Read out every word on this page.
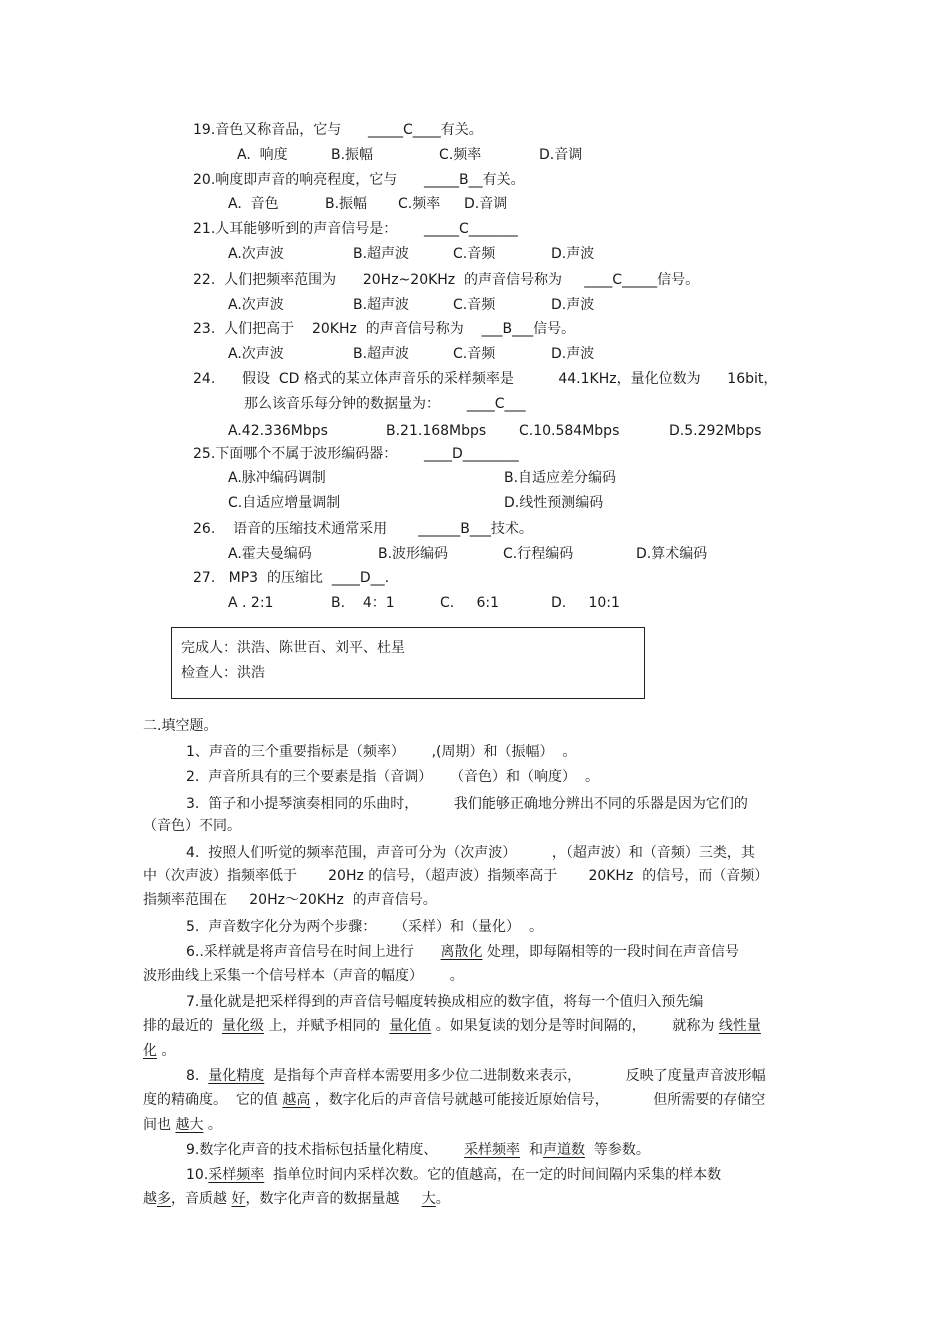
19.音色又称音品，它与      _____C____有关。
A.  响度	B.振幅	C.频率	D.音调
20.响度即声音的响亮程度，它与      _____B__有关。
A.  音色	B.振幅 C.频率 D.音调
21.人耳能够听到的声音信号是：      _____C_______
A.次声波	B.超声波	C.音频	D.声波
22.  人们把频率范围为      20Hz~20KHz  的声音信号称为     ____C_____信号。
A.次声波	B.超声波	C.音频	D.声波
23.  人们把高于    20KHz  的声音信号称为    ___B___信号。
A.次声波	B.超声波	C.音频	D.声波
24.      假设  CD 格式的某立体声音乐的采样频率是          44.1KHz，量化位数为      16bit，
那么该音乐每分钟的数据量为：      ____C___
A.42.336Mbps	B.21.168Mbps C.10.584Mbps	D.5.292Mbps
25.下面哪个不属于波形编码器：      ____D________
A.脉冲编码调制	B.自适应差分编码
C.自适应增量调制	D.线性预测编码
26.    语音的压缩技术通常采用       ______B___技术。
A.霍夫曼编码	B.波形编码	C.行程编码	D.算术编码
27.   MP3  的压缩比  ____D__.
A . 2:1	B.    4：1	C.     6:1	D.     10:1
完成人：洪浩、陈世百、刘平、杜星
检查人：洪浩
二.填空题。
1、声音的三个重要指标是（频率）      ,(周期）和（振幅）  。
2.  声音所具有的三个要素是指（音调）    （音色）和（响度）  。
3.  笛子和小提琴演奏相同的乐曲时，        我们能够正确地分辨出不同的乐器是因为它们的
（音色）不同。
4.  按照人们听觉的频率范围，声音可分为（次声波）        ，（超声波）和（音频）三类，其
中（次声波）指频率低于       20Hz 的信号，（超声波）指频率高于       20KHz  的信号，而（音频）
指频率范围在     20Hz～20KHz  的声音信号。
5.  声音数字化分为两个步骤：    （采样）和（量化）  。
6..采样就是将声音信号在时间上进行      离散化 处理，即每隔相等的一段时间在声音信号
波形曲线上采集一个信号样本（声音的幅度）      。
7.量化就是把采样得到的声音信号幅度转换成相应的数字值，将每一个值归入预先编
排的最近的  量化级 上，并赋予相同的  量化值 。如果复读的划分是等时间隔的，      就称为 线性量
化 。
8.  量化精度  是指每个声音样本需要用多少位二进制数来表示，          反映了度量声音波形幅
度的精确度。  它的值 越高 ，数字化后的声音信号就越可能接近原始信号，          但所需要的存储空
间也 越大 。
9.数字化声音的技术指标包括量化精度、      采样频率  和声道数  等参数。
10.采样频率  指单位时间内采样次数。它的值越高，在一定的时间间隔内采集的样本数
越多，音质越 好，数字化声音的数据量越     大。
